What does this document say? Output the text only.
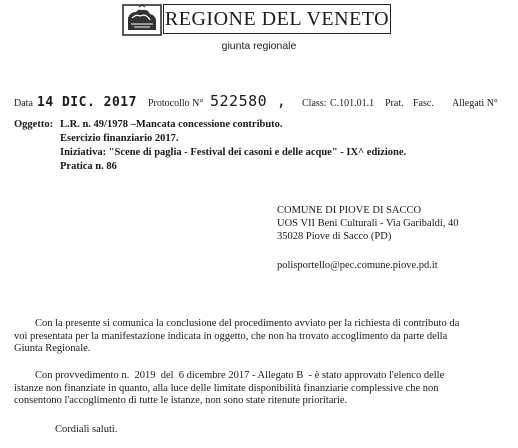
REGIONE DEL VENETO
giunta regionale
Data 14 DIC. 2017 Protocollo N° 522580 , Class: C.101.01.1 Prat. Fasc. Allegati N°
Oggetto: L.R. n. 49/1978 –Mancata concessione contributo.
Esercizio finanziario 2017.
Iniziativa: "Scene di paglia - Festival dei casoni e delle acque" - IX^ edizione.
Pratica n. 86
COMUNE DI PIOVE DI SACCO
UOS VII Beni Culturali - Via Garibaldi, 40
35028 Piove di Sacco (PD)
polisportello@pec.comune.piove.pd.it
Con la presente si comunica la conclusione del procedimento avviato per la richiesta di contributo da
voi presentata per la manifestazione indicata in oggetto, che non ha trovato accoglimento da parte della
Giunta Regionale.
Con provvedimento n.  2019  del  6 dicembre 2017 - Allegato B  - è stato approvato l'elenco delle
istanze non finanziate in quanto, alla luce delle limitate disponibilità finanziarie complessive che non
consentono l'accoglimento di tutte le istanze, non sono state ritenute prioritarie.
Cordiali saluti.
